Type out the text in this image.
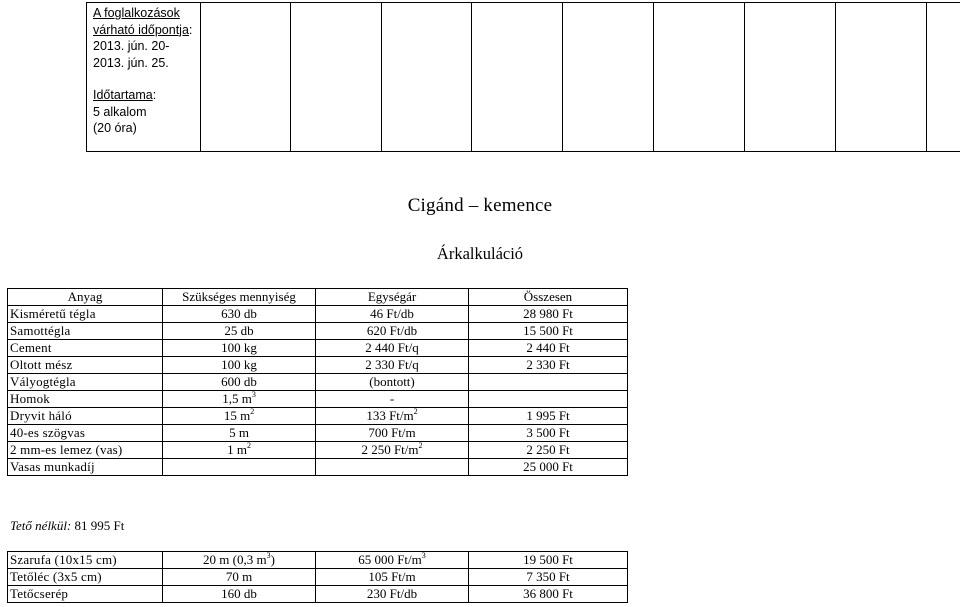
A foglalkozások
várható időpontja:
2013. jún. 20-
2013. jún. 25.
Időtartama:
5 alkalom
(20 óra)

Cigánd – kemence
Árkalkuláció
Anyag	Szükséges mennyiség	Egységár	Összesen
Kisméretű tégla	630 db	46 Ft/db	28 980 Ft
Samottégla	25 db	620 Ft/db	15 500 Ft
Cement	100 kg	2 440 Ft/q	2 440 Ft
Oltott mész	100 kg	2 330 Ft/q	2 330 Ft
Vályogtégla	600 db	(bontott)	
Homok	1,5 $m^3$	-	
Dryvit háló	15 $m^2$	133 $Ft/m^2$	1 995 Ft
40-es szögvas	5 m	700 Ft/m	3 500 Ft
2 mm-es lemez (vas)	1 $m^2$	2 250 $Ft/m^2$	2 250 Ft
Vasas munkadíj			25 000 Ft
Tető nélkül: 81 995 Ft
Szarufa (10x15 cm)	20 m (0,3 $m^3$)	65 000 $Ft/m^3$	19 500 Ft
Tetőléc (3x5 cm)	70 m	105 Ft/m	7 350 Ft
Tetőcserép	160 db	230 Ft/db	36 800 Ft
